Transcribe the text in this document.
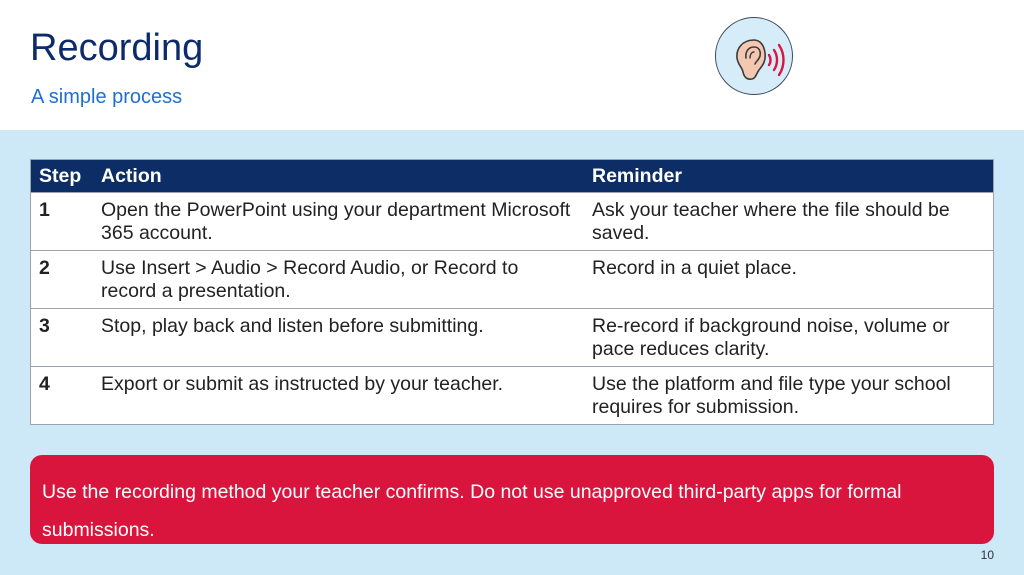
Recording
A simple process
Step	Action	Reminder
1	Open the PowerPoint using your department Microsoft 365 account.	Ask your teacher where the file should be saved.
2	Use Insert > Audio > Record Audio, or Record to record a presentation.	Record in a quiet place.
3	Stop, play back and listen before submitting.	Re-record if background noise, volume or pace reduces clarity.
4	Export or submit as instructed by your teacher.	Use the platform and file type your school requires for submission.
Use the recording method your teacher confirms. Do not use unapproved third-party apps for formal submissions.
10
